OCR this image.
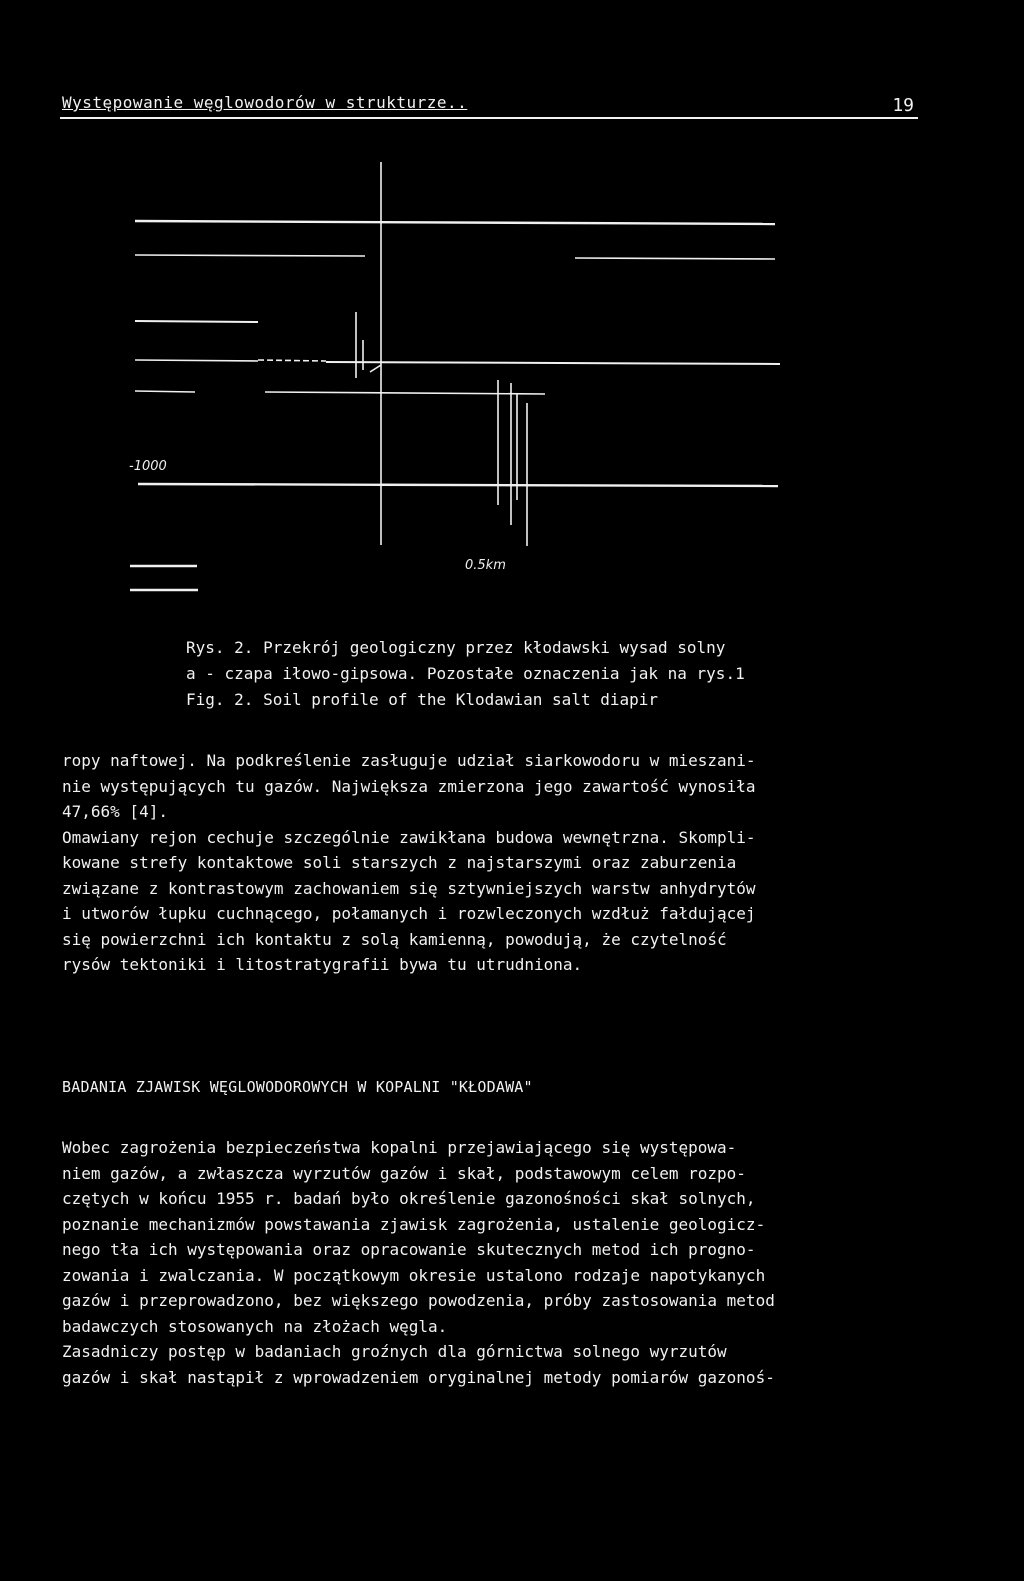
Występowanie węglowodorów w strukturze..	19
-1000
0.5km
Rys. 2. Przekrój geologiczny przez kłodawski wysad solny
a - czapa iłowo-gipsowa. Pozostałe oznaczenia jak na rys.1
Fig. 2. Soil profile of the Klodawian salt diapir
ropy naftowej. Na podkreślenie zasługuje udział siarkowodoru w mieszani-
nie występujących tu gazów. Największa zmierzona jego zawartość wynosiła
47,66% [4].
Omawiany rejon cechuje szczególnie zawikłana budowa wewnętrzna. Skompli-
kowane strefy kontaktowe soli starszych z najstarszymi oraz zaburzenia
związane z kontrastowym zachowaniem się sztywniejszych warstw anhydrytów
i utworów łupku cuchnącego, połamanych i rozwleczonych wzdłuż fałdującej
się powierzchni ich kontaktu z solą kamienną, powodują, że czytelność
rysów tektoniki i litostratygrafii bywa tu utrudniona.
BADANIA ZJAWISK WĘGLOWODOROWYCH W KOPALNI "KŁODAWA"
Wobec zagrożenia bezpieczeństwa kopalni przejawiającego się występowa-
niem gazów, a zwłaszcza wyrzutów gazów i skał, podstawowym celem rozpo-
czętych w końcu 1955 r. badań było określenie gazonośności skał solnych,
poznanie mechanizmów powstawania zjawisk zagrożenia, ustalenie geologicz-
nego tła ich występowania oraz opracowanie skutecznych metod ich progno-
zowania i zwalczania. W początkowym okresie ustalono rodzaje napotykanych
gazów i przeprowadzono, bez większego powodzenia, próby zastosowania metod
badawczych stosowanych na złożach węgla.
Zasadniczy postęp w badaniach groźnych dla górnictwa solnego wyrzutów
gazów i skał nastąpił z wprowadzeniem oryginalnej metody pomiarów gazonoś-
